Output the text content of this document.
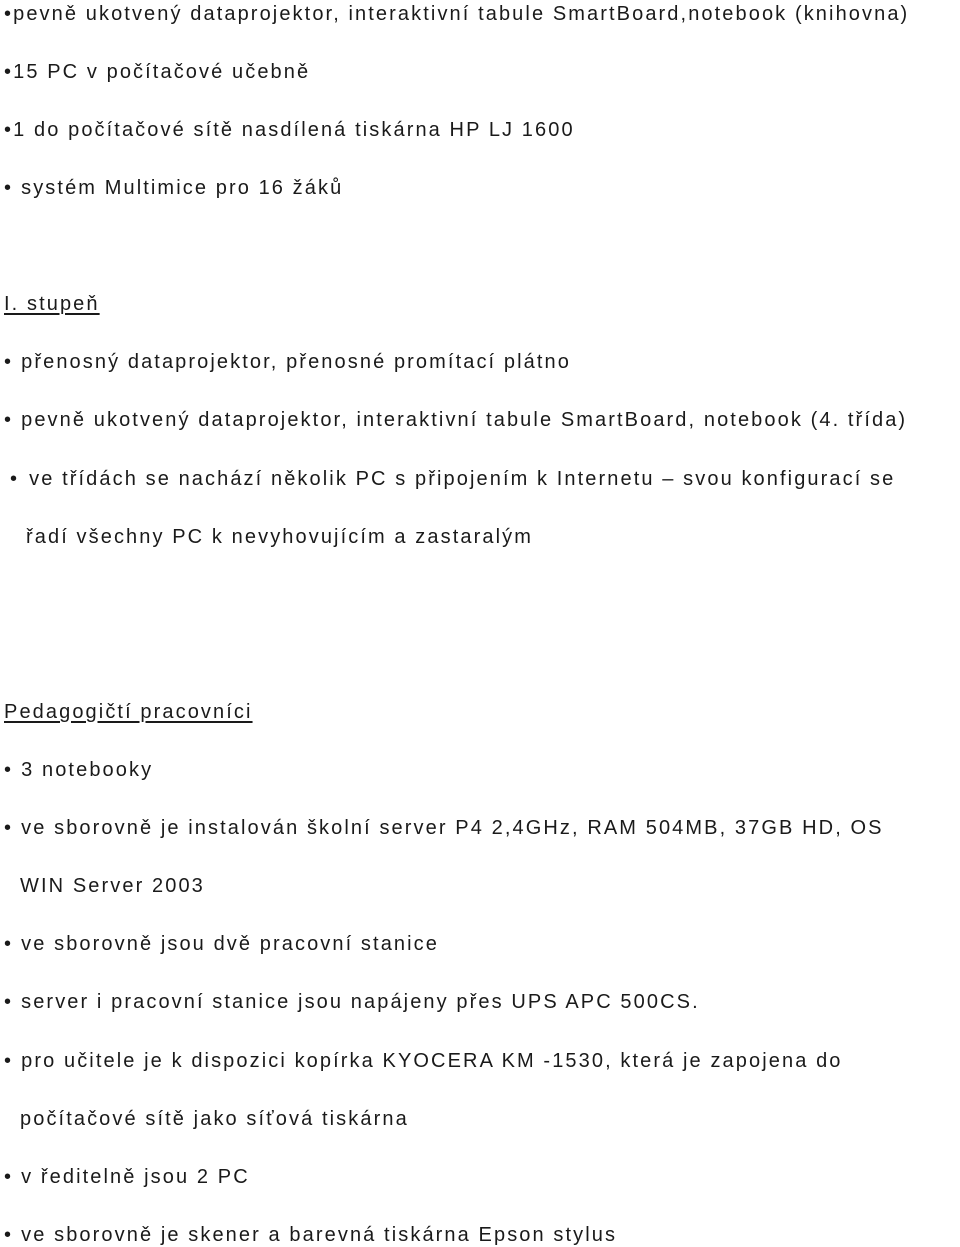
•pevně ukotvený dataprojektor, interaktivní tabule SmartBoard,notebook (knihovna)
•15 PC v počítačové učebně
•1 do počítačové sítě nasdílená tiskárna HP LJ 1600
• systém Multimice pro 16 žáků
I. stupeň
• přenosný dataprojektor, přenosné promítací plátno
• pevně ukotvený dataprojektor, interaktivní tabule SmartBoard, notebook (4. třída)
• ve třídách se nachází několik PC s připojením k Internetu – svou konfigurací se
řadí všechny PC k nevyhovujícím a zastaralým
Pedagogičtí pracovníci
• 3 notebooky
• ve sborovně je instalován školní server P4 2,4GHz, RAM 504MB, 37GB HD, OS
WIN Server 2003
• ve sborovně jsou dvě pracovní stanice
• server i pracovní stanice jsou napájeny přes UPS APC 500CS.
• pro učitele je k dispozici kopírka KYOCERA KM -1530, která je zapojena do
počítačové sítě jako síťová tiskárna
• v ředitelně jsou 2 PC
• ve sborovně je skener a barevná tiskárna Epson stylus
